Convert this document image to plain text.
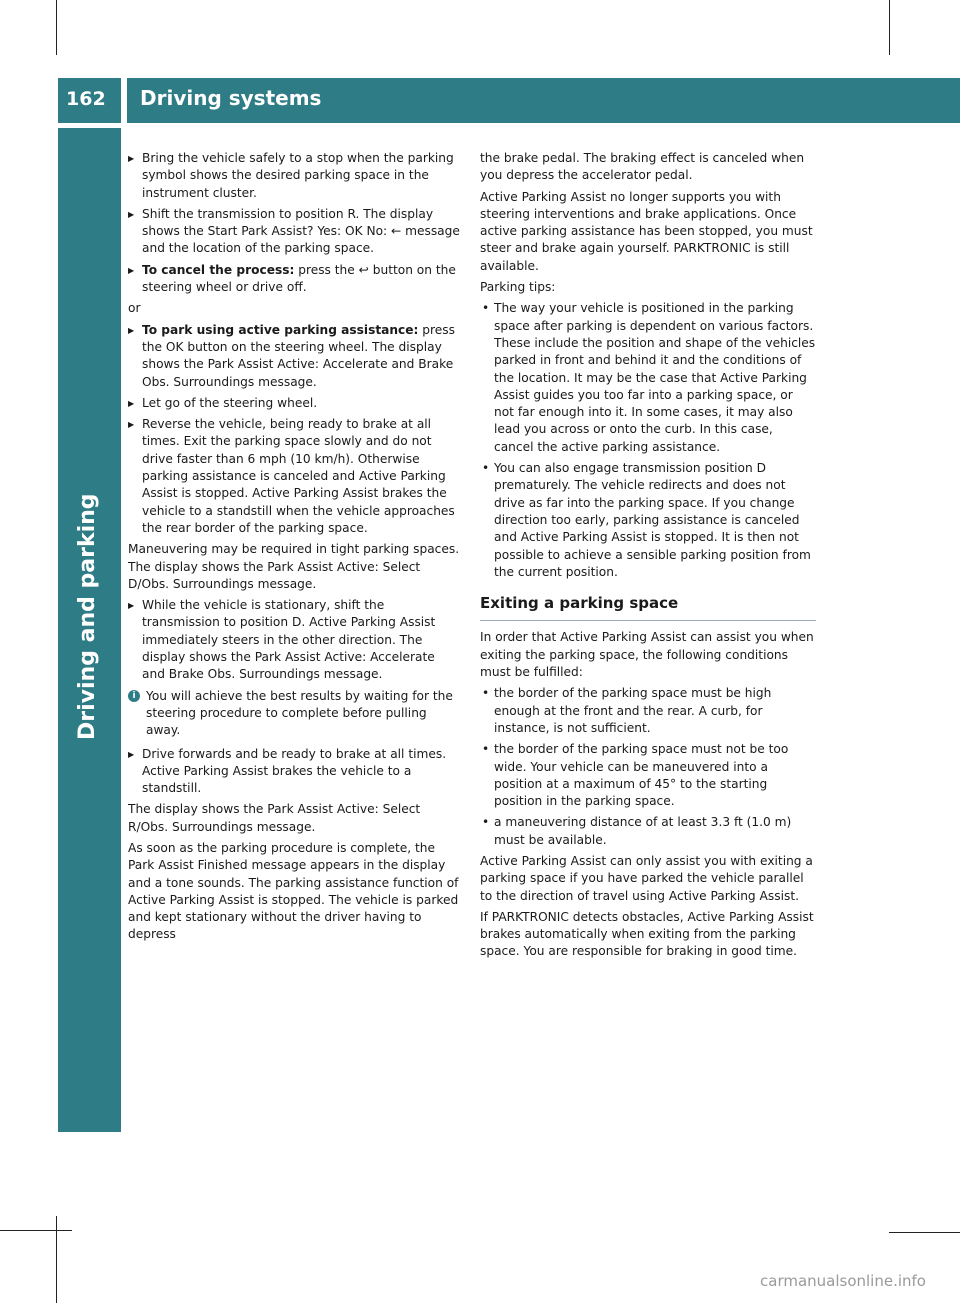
162	Driving systems
Driving and parking
▶ Bring the vehicle safely to a stop when the parking symbol shows the desired parking space in the instrument cluster.
▶ Shift the transmission to position R. The display shows the Start Park Assist? Yes: OK No: ← message and the location of the parking space.
▶ To cancel the process: press the ↩ button on the steering wheel or drive off.
or
▶ To park using active parking assistance: press the OK button on the steering wheel. The display shows the Park Assist Active: Accelerate and Brake Obs. Surroundings message.
▶ Let go of the steering wheel.
▶ Reverse the vehicle, being ready to brake at all times. Exit the parking space slowly and do not drive faster than 6 mph (10 km/h). Otherwise parking assistance is canceled and Active Parking Assist is stopped. Active Parking Assist brakes the vehicle to a standstill when the vehicle approaches the rear border of the parking space.
Maneuvering may be required in tight parking spaces. The display shows the Park Assist Active: Select D/Obs. Surroundings message.
▶ While the vehicle is stationary, shift the transmission to position D. Active Parking Assist immediately steers in the other direction. The display shows the Park Assist Active: Accelerate and Brake Obs. Surroundings message.
i You will achieve the best results by waiting for the steering procedure to complete before pulling away.
▶ Drive forwards and be ready to brake at all times. Active Parking Assist brakes the vehicle to a standstill.
The display shows the Park Assist Active: Select R/Obs. Surroundings message.
As soon as the parking procedure is complete, the Park Assist Finished message appears in the display and a tone sounds. The parking assistance function of Active Parking Assist is stopped. The vehicle is parked and kept stationary without the driver having to depress
the brake pedal. The braking effect is canceled when you depress the accelerator pedal.
Active Parking Assist no longer supports you with steering interventions and brake applications. Once active parking assistance has been stopped, you must steer and brake again yourself. PARKTRONIC is still available.
Parking tips:
• The way your vehicle is positioned in the parking space after parking is dependent on various factors. These include the position and shape of the vehicles parked in front and behind it and the conditions of the location. It may be the case that Active Parking Assist guides you too far into a parking space, or not far enough into it. In some cases, it may also lead you across or onto the curb. In this case, cancel the active parking assistance.
• You can also engage transmission position D prematurely. The vehicle redirects and does not drive as far into the parking space. If you change direction too early, parking assistance is canceled and Active Parking Assist is stopped. It is then not possible to achieve a sensible parking position from the current position.
Exiting a parking space
In order that Active Parking Assist can assist you when exiting the parking space, the following conditions must be fulfilled:
• the border of the parking space must be high enough at the front and the rear. A curb, for instance, is not sufficient.
• the border of the parking space must not be too wide. Your vehicle can be maneuvered into a position at a maximum of 45° to the starting position in the parking space.
• a maneuvering distance of at least 3.3 ft (1.0 m) must be available.
Active Parking Assist can only assist you with exiting a parking space if you have parked the vehicle parallel to the direction of travel using Active Parking Assist.
If PARKTRONIC detects obstacles, Active Parking Assist brakes automatically when exiting from the parking space. You are responsible for braking in good time.
carmanualsonline.info
